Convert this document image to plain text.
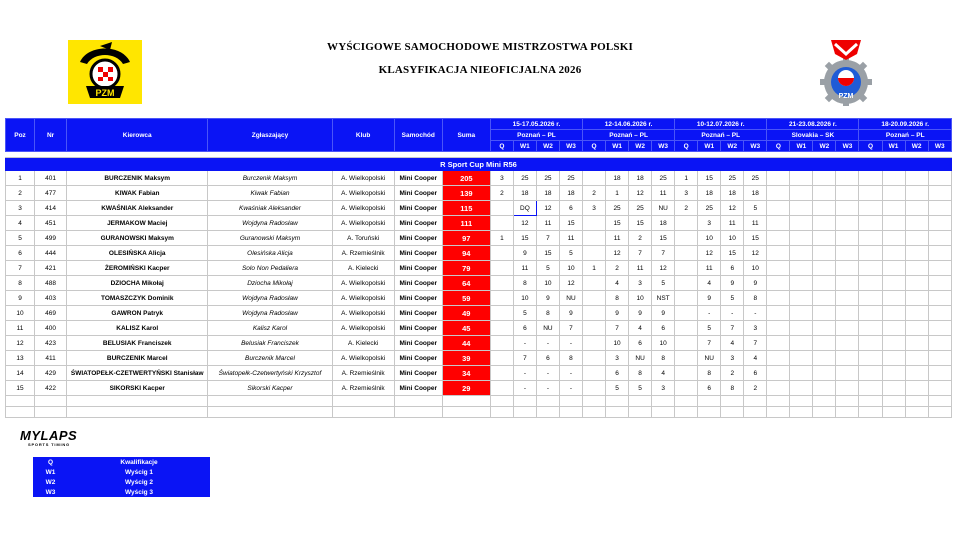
PZM	PZM
WYŚCIGOWE SAMOCHODOWE MISTRZOSTWA POLSKI
KLASYFIKACJA NIEOFICJALNA 2026
Poz	Nr	Kierowca	Zgłaszający	Klub	Samochód	Suma	15-17.05.2026 r.				12-14.06.2026 r.				10-12.07.2026 r.				21-23.08.2026 r.				18-20.09.2026 r.			
							Poznań – PL				Poznań – PL				Poznań – PL				Slovakia – SK				Poznań – PL			
							Q	W1	W2	W3	Q	W1	W2	W3	Q	W1	W2	W3	Q	W1	W2	W3	Q	W1	W2	W3

R Sport Cup Mini R56																										
1	401	BURCZENIK Maksym	Burczenik Maksym	A. Wielkopolski	Mini Cooper	205	3	25	25	25		18	18	25	1	15	25	25								
2	477	KIWAK Fabian	Kiwak Fabian	A. Wielkopolski	Mini Cooper	139	2	18	18	18	2	1	12	11	3	18	18	18								
3	414	KWAŚNIAK Aleksander	Kwaśniak Aleksander	A. Wielkopolski	Mini Cooper	115		DQ	12	6	3	25	25	NU	2	25	12	5								
4	451	JERMAKOW Maciej	Wojdyna Radosław	A. Wielkopolski	Mini Cooper	111		12	11	15		15	15	18		3	11	11								
5	499	GURANOWSKI Maksym	Guranowski Maksym	A. Toruński	Mini Cooper	97	1	15	7	11		11	2	15		10	10	15								
6	444	OLESIŃSKA Alicja	Olesińska Alicja	A. Rzemieślnik	Mini Cooper	94		9	15	5		12	7	7		12	15	12								
7	421	ŻEROMIŃSKI Kacper	Solo Non Pedaliera	A. Kielecki	Mini Cooper	79		11	5	10	1	2	11	12		11	6	10								
8	488	DZIOCHA Mikołaj	Dziocha Mikołaj	A. Wielkopolski	Mini Cooper	64		8	10	12		4	3	5		4	9	9								
9	403	TOMASZCZYK Dominik	Wojdyna Radosław	A. Wielkopolski	Mini Cooper	59		10	9	NU		8	10	NST		9	5	8								
10	469	GAWRON Patryk	Wojdyna Radosław	A. Wielkopolski	Mini Cooper	49		5	8	9		9	9	9		-	-	-								
11	400	KALISZ Karol	Kalisz Karol	A. Wielkopolski	Mini Cooper	45		6	NU	7		7	4	6		5	7	3								
12	423	BELUSIAK Franciszek	Belusiak Franciszek	A. Kielecki	Mini Cooper	44		-	-	-		10	6	10		7	4	7								
13	411	BURCZENIK Marcel	Burczenik Marcel	A. Wielkopolski	Mini Cooper	39		7	6	8		3	NU	8		NU	3	4								
14	429	ŚWIATOPEŁK-CZETWERTYŃSKI Stanisław	Światopełk-Czetwertyński Krzysztof	A. Rzemieślnik	Mini Cooper	34		-	-	-		6	8	4		8	2	6								
15	422	SIKORSKI Kacper	Sikorski Kacper	A. Rzemieślnik	Mini Cooper	29		-	-	-		5	5	3		6	8	2								

MYLAPS
SPORTS TIMING
Q	Kwalifikacje
W1	Wyścig 1
W2	Wyścig 2
W3	Wyścig 3
